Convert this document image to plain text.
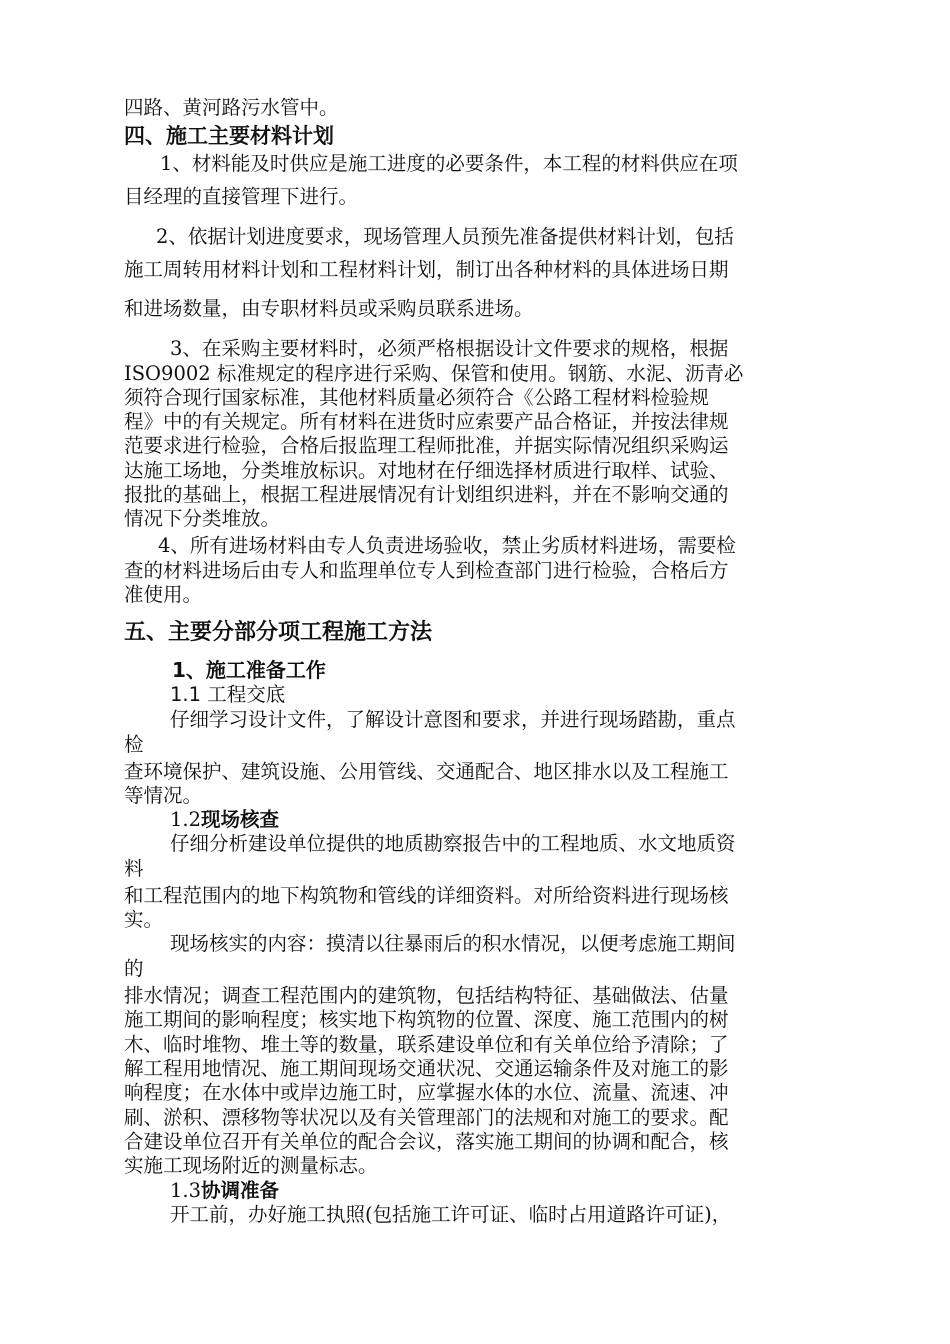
四路、黄河路污水管中。
四、施工主要材料计划
1、材料能及时供应是施工进度的必要条件，本工程的材料供应在项
目经理的直接管理下进行。
2、依据计划进度要求，现场管理人员预先准备提供材料计划，包括
施工周转用材料计划和工程材料计划，制订出各种材料的具体进场日期
和进场数量，由专职材料员或采购员联系进场。
3、在采购主要材料时，必须严格根据设计文件要求的规格，根据
ISO9002 标准规定的程序进行采购、保管和使用。钢筋、水泥、沥青必
须符合现行国家标准，其他材料质量必须符合《公路工程材料检验规
程》中的有关规定。所有材料在进货时应索要产品合格证，并按法律规
范要求进行检验，合格后报监理工程师批准，并据实际情况组织采购运
达施工场地，分类堆放标识。对地材在仔细选择材质进行取样、试验、
报批的基础上，根据工程进展情况有计划组织进料，并在不影响交通的
情况下分类堆放。
4、所有进场材料由专人负责进场验收，禁止劣质材料进场，需要检
查的材料进场后由专人和监理单位专人到检查部门进行检验，合格后方
准使用。
五、主要分部分项工程施工方法
1、施工准备工作
1.1 工程交底
仔细学习设计文件，了解设计意图和要求，并进行现场踏勘，重点
检
查环境保护、建筑设施、公用管线、交通配合、地区排水以及工程施工
等情况。
1.2现场核查
仔细分析建设单位提供的地质勘察报告中的工程地质、水文地质资
料
和工程范围内的地下构筑物和管线的详细资料。对所给资料进行现场核
实。
现场核实的内容：摸清以往暴雨后的积水情况，以便考虑施工期间
的
排水情况；调查工程范围内的建筑物，包括结构特征、基础做法、估量
施工期间的影响程度；核实地下构筑物的位置、深度、施工范围内的树
木、临时堆物、堆土等的数量，联系建设单位和有关单位给予清除；了
解工程用地情况、施工期间现场交通状况、交通运输条件及对施工的影
响程度；在水体中或岸边施工时，应掌握水体的水位、流量、流速、冲
刷、淤积、漂移物等状况以及有关管理部门的法规和对施工的要求。配
合建设单位召开有关单位的配合会议，落实施工期间的协调和配合，核
实施工现场附近的测量标志。
1.3协调准备
开工前，办好施工执照(包括施工许可证、临时占用道路许可证)，
